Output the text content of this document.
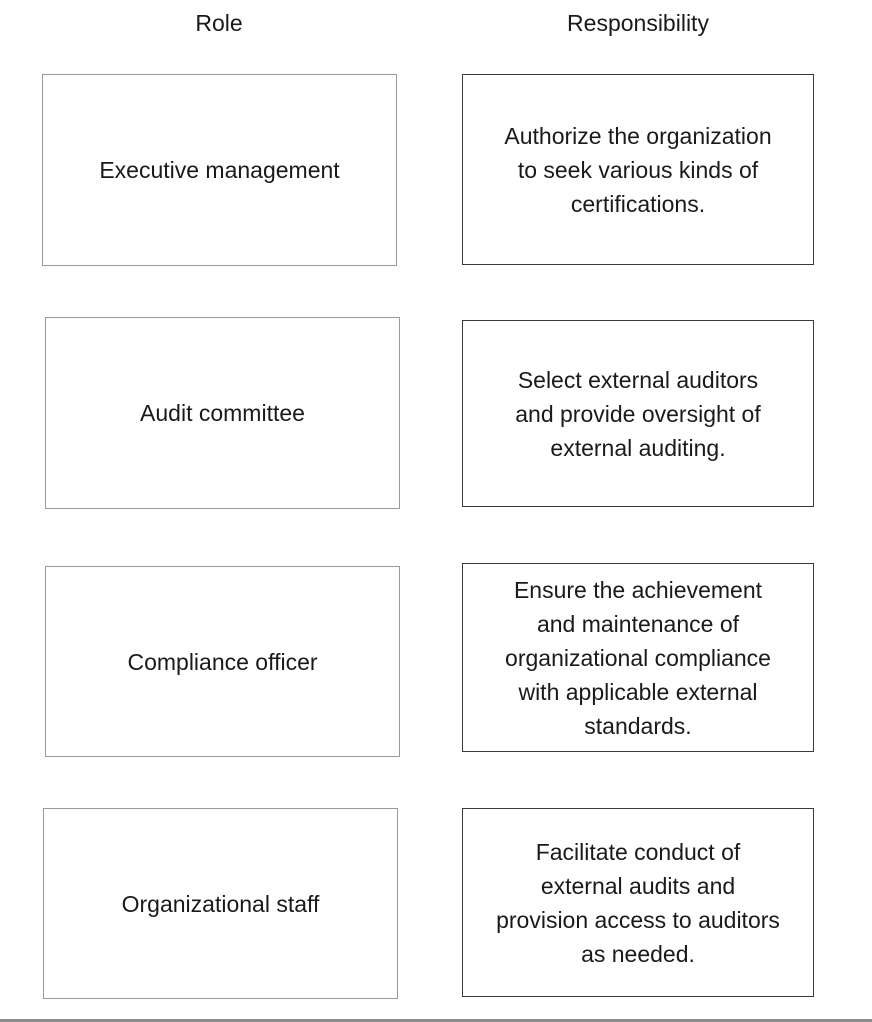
Role	Responsibility
Executive management
Audit committee
Compliance officer
Organizational staff
Authorize the organization
to seek various kinds of
certifications.
Select external auditors
and provide oversight of
external auditing.
Ensure the achievement
and maintenance of
organizational compliance
with applicable external
standards.
Facilitate conduct of
external audits and
provision access to auditors
as needed.
